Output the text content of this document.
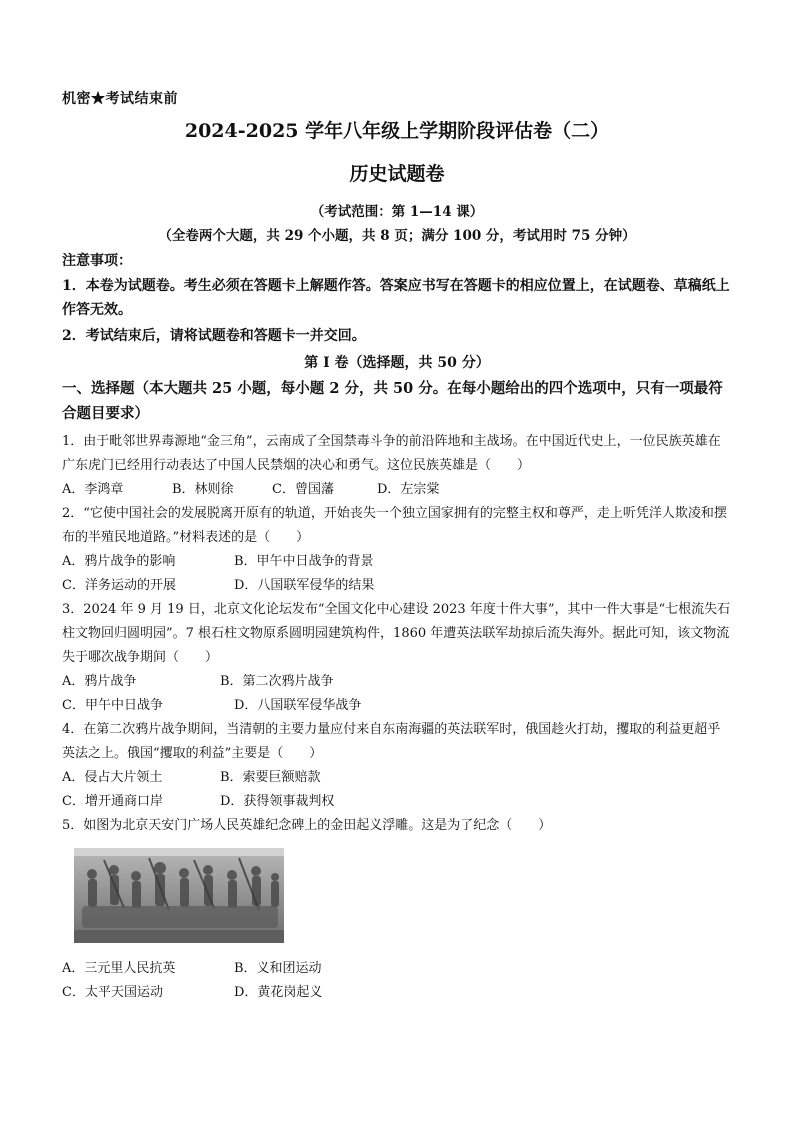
机密★考试结束前
2024-2025 学年八年级上学期阶段评估卷（二）
历史试题卷
（考试范围：第 1—14 课）
（全卷两个大题，共 29 个小题，共 8 页；满分 100 分，考试用时 75 分钟）
注意事项：
1．本卷为试题卷。考生必须在答题卡上解题作答。答案应书写在答题卡的相应位置上，在试题卷、草稿纸上作答无效。
2．考试结束后，请将试题卷和答题卡一并交回。
第 I 卷（选择题，共 50 分）
一、选择题（本大题共 25 小题，每小题 2 分，共 50 分。在每小题给出的四个选项中，只有一项最符合题目要求）

1．由于毗邻世界毒源地“金三角”，云南成了全国禁毒斗争的前沿阵地和主战场。在中国近代史上，一位民族英雄在广东虎门已经用行动表达了中国人民禁烟的决心和勇气。这位民族英雄是（　　）

A．李鸿章	B．林则徐	C．曾国藩	D．左宗棠

2．“它使中国社会的发展脱离开原有的轨道，开始丧失一个独立国家拥有的完整主权和尊严，走上听凭洋人欺凌和摆布的半殖民地道路。”材料表述的是（　　）

A．鸦片战争的影响	B．甲午中日战争的背景
C．洋务运动的开展	D．八国联军侵华的结果

3．2024 年 9 月 19 日，北京文化论坛发布“全国文化中心建设 2023 年度十件大事”，其中一件大事是“七根流失石柱文物回归圆明园”。7 根石柱文物原系圆明园建筑构件，1860 年遭英法联军劫掠后流失海外。据此可知，该文物流失于哪次战争期间（　　）

A．鸦片战争	B．第二次鸦片战争
C．甲午中日战争	D．八国联军侵华战争

4．在第二次鸦片战争期间，当清朝的主要力量应付来自东南海疆的英法联军时，俄国趁火打劫，攫取的利益更超乎英法之上。俄国“攫取的利益”主要是（　　）

A．侵占大片领土	B．索要巨额赔款
C．增开通商口岸	D．获得领事裁判权

5．如图为北京天安门广场人民英雄纪念碑上的金田起义浮雕。这是为了纪念（　　）

A．三元里人民抗英	B．义和团运动
C．太平天国运动	D．黄花岗起义
